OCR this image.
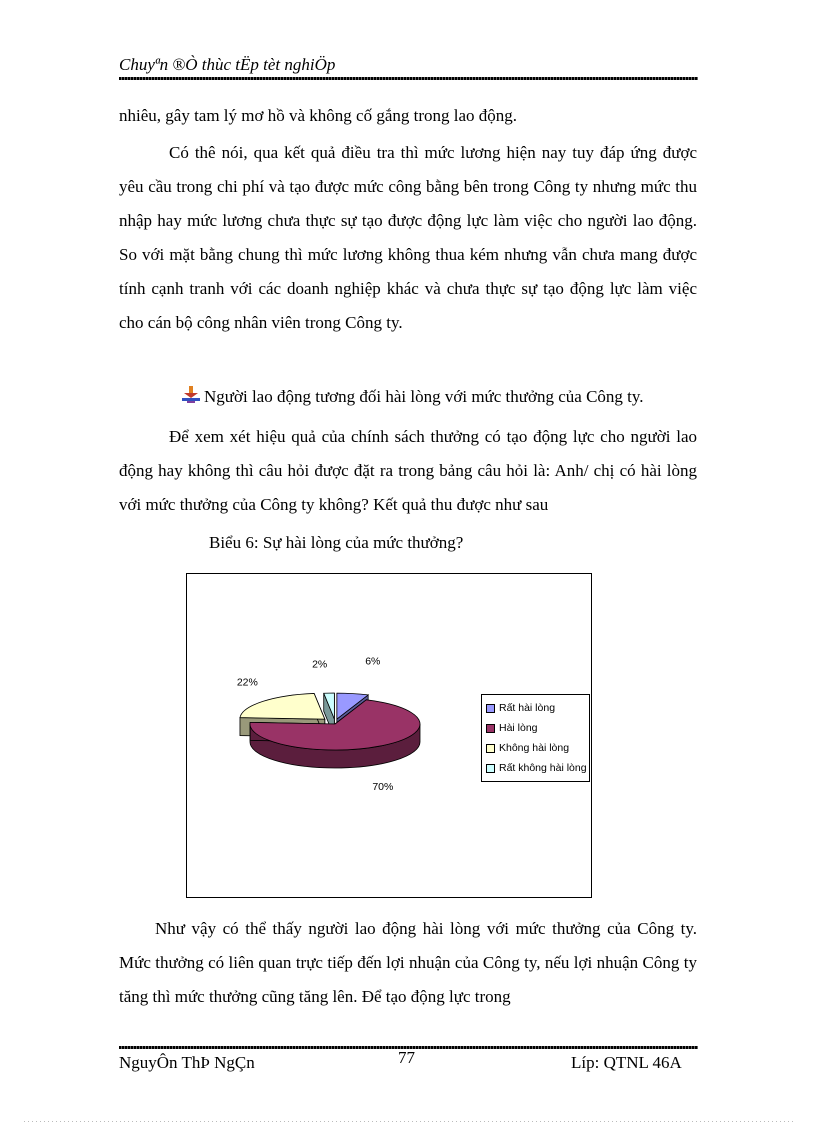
Chuyªn ®Ò thùc tËp tèt nghiÖp
nhiêu, gây tam lý mơ hồ và không cố gắng trong lao động.
Có thê nói, qua kết quả điều tra thì mức lương hiện nay tuy đáp ứng được yêu cầu trong chi phí và tạo được mức công bằng bên trong Công ty nhưng mức thu nhập hay mức lương chưa thực sự tạo được động lực làm việc cho người lao động. So với mặt bằng chung thì mức lương không thua kém nhưng vẫn chưa mang được tính cạnh tranh với các doanh nghiệp khác và chưa thực sự tạo động lực làm việc cho cán bộ công nhân viên trong Công ty.
Người lao động tương đối hài lòng với mức thưởng của Công ty.
Để xem xét hiệu quả của chính sách thưởng có tạo động lực cho người lao động hay không thì câu hỏi được đặt ra trong bảng câu hỏi là: Anh/ chị có hài lòng với mức thưởng của Công ty không? Kết quả thu được như sau
Biểu 6: Sự hài lòng của mức thưởng?
6%
70%
22%
2%
Rất hài lòng
Hài lòng
Không hài lòng
Rất không hài lòng
Như vậy có thể thấy người lao động hài lòng với mức thưởng của Công ty. Mức thưởng có liên quan trực tiếp đến lợi nhuận của Công ty, nếu lợi nhuận Công ty tăng thì mức thưởng cũng tăng lên. Để tạo động lực trong
NguyÔn ThÞ NgÇn	77	Líp: QTNL 46A
